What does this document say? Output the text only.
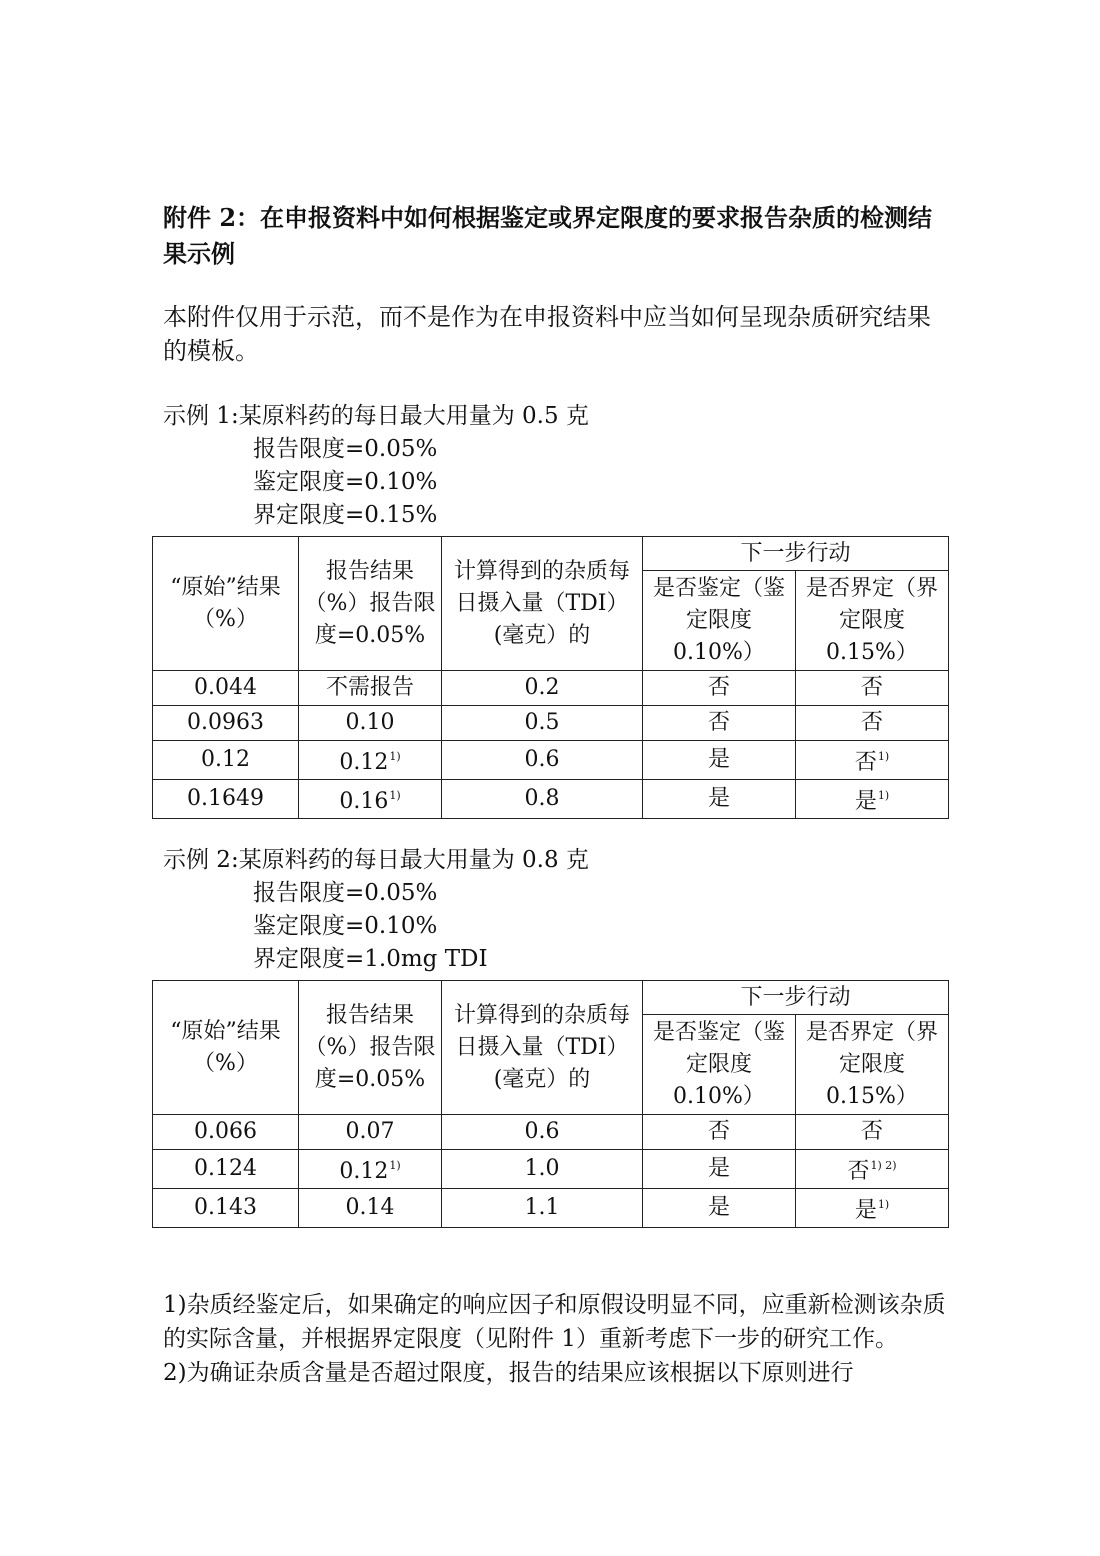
附件 2：在申报资料中如何根据鉴定或界定限度的要求报告杂质的检测结果示例

本附件仅用于示范，而不是作为在申报资料中应当如何呈现杂质研究结果的模板。

示例 1:某原料药的每日最大用量为 0.5 克

报告限度=0.05%

鉴定限度=0.10%

界定限度=0.15%

“原始”结果（%）	报告结果（%）报告限度=0.05%	计算得到的杂质每日摄入量（TDI）(毫克）的	下一步行动	
			是否鉴定（鉴定限度 0.10%）	是否界定（界定限度 0.15%）
0.044	不需报告	0.2	否	否
0.0963	0.10	0.5	否	否
0.12	0.12$^{1)}$	0.6	是	否$^{1)}$
0.1649	0.16$^{1)}$	0.8	是	是$^{1)}$

示例 2:某原料药的每日最大用量为 0.8 克

报告限度=0.05%

鉴定限度=0.10%

界定限度=1.0mg TDI

“原始”结果（%）	报告结果（%）报告限度=0.05%	计算得到的杂质每日摄入量（TDI）(毫克）的	下一步行动	
			是否鉴定（鉴定限度 0.10%）	是否界定（界定限度 0.15%）
0.066	0.07	0.6	否	否
0.124	0.12$^{1)}$	1.0	是	否$^{1) 2)}$
0.143	0.14	1.1	是	是$^{1)}$

1)杂质经鉴定后，如果确定的响应因子和原假设明显不同，应重新检测该杂质的实际含量，并根据界定限度（见附件 1）重新考虑下一步的研究工作。

2)为确证杂质含量是否超过限度，报告的结果应该根据以下原则进行
